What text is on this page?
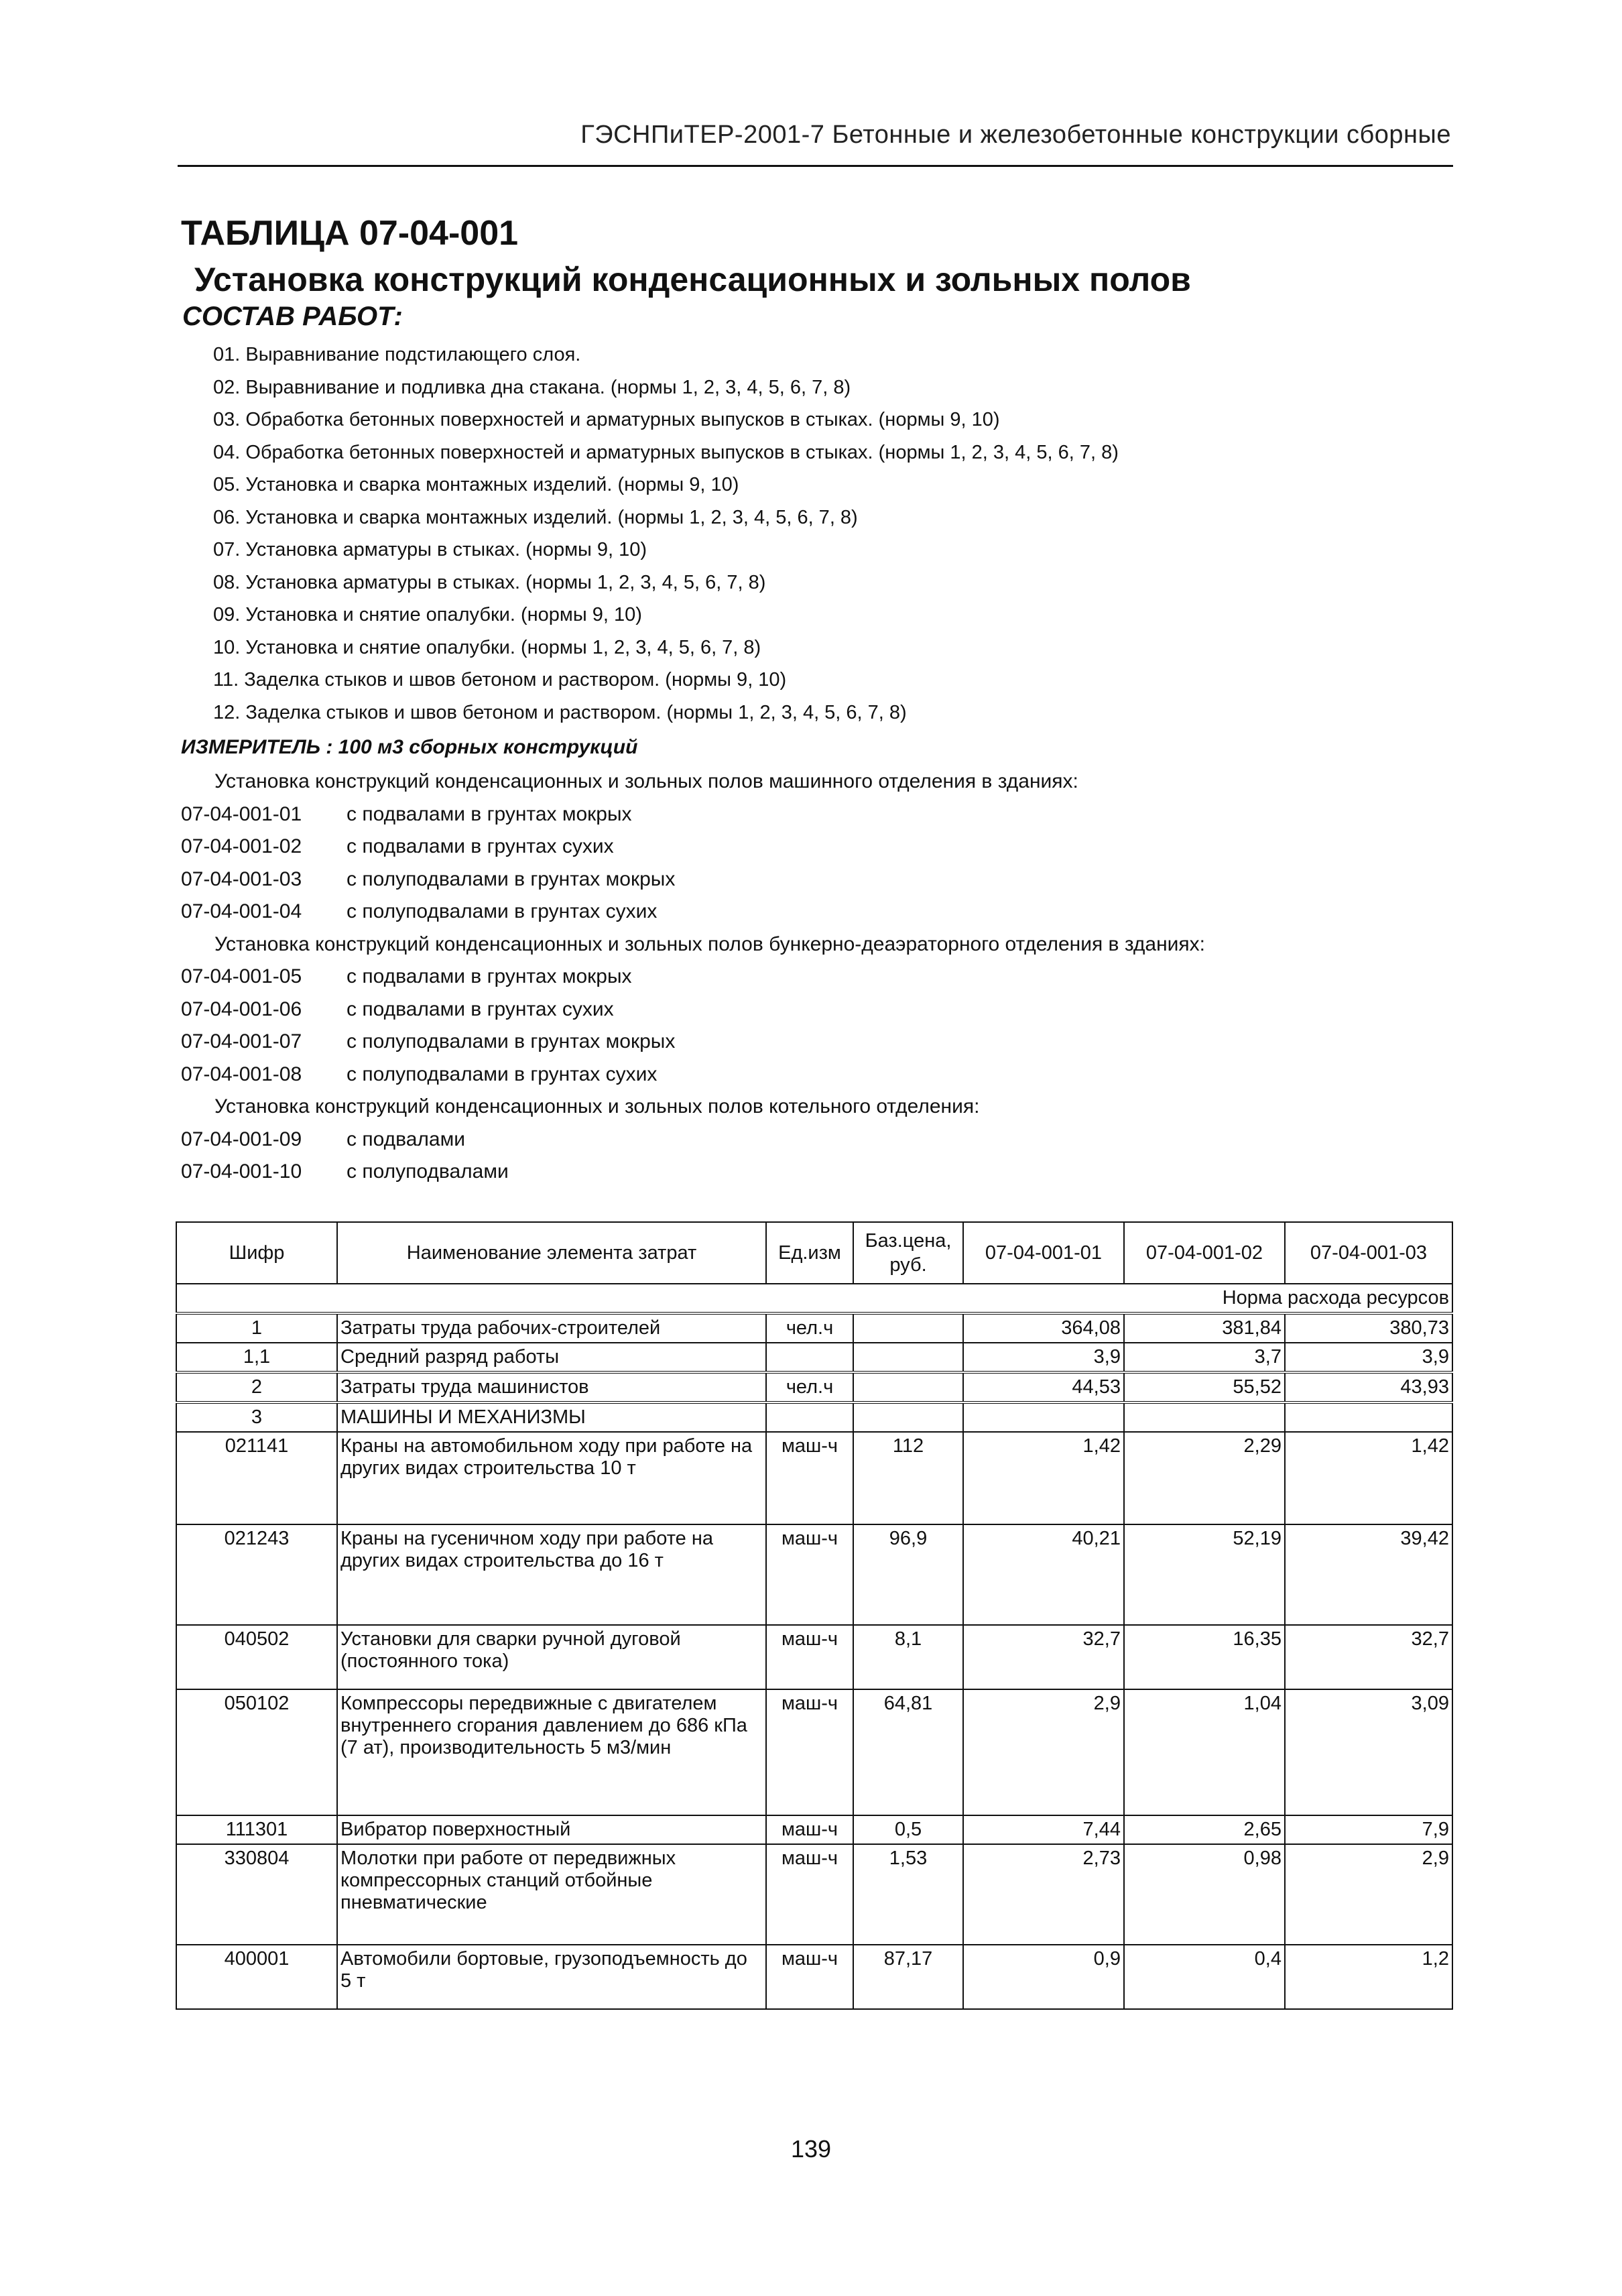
ГЭСНПиТЕР-2001-7 Бетонные и железобетонные конструкции сборные
ТАБЛИЦА 07-04-001
Установка конструкций конденсационных и зольных полов
СОСТАВ РАБОТ:
01. Выравнивание подстилающего слоя.
02. Выравнивание и подливка дна стакана. (нормы 1, 2, 3, 4, 5, 6, 7, 8)
03. Обработка бетонных поверхностей и арматурных выпусков в стыках. (нормы 9, 10)
04. Обработка бетонных поверхностей и арматурных выпусков в стыках. (нормы 1, 2, 3, 4, 5, 6, 7, 8)
05. Установка и сварка монтажных изделий. (нормы 9, 10)
06. Установка и сварка монтажных изделий. (нормы 1, 2, 3, 4, 5, 6, 7, 8)
07. Установка арматуры в стыках. (нормы 9, 10)
08. Установка арматуры в стыках. (нормы 1, 2, 3, 4, 5, 6, 7, 8)
09. Установка и снятие опалубки. (нормы 9, 10)
10. Установка и снятие опалубки. (нормы 1, 2, 3, 4, 5, 6, 7, 8)
11. Заделка стыков и швов бетоном и раствором. (нормы 9, 10)
12. Заделка стыков и швов бетоном и раствором. (нормы 1, 2, 3, 4, 5, 6, 7, 8)
ИЗМЕРИТЕЛЬ : 100 м3 сборных конструкций
Установка конструкций конденсационных и зольных полов машинного отделения в зданиях:
07-04-001-01	с подвалами в грунтах мокрых
07-04-001-02	с подвалами в грунтах сухих
07-04-001-03	с полуподвалами в грунтах мокрых
07-04-001-04	с полуподвалами в грунтах сухих
Установка конструкций конденсационных и зольных полов бункерно-деаэраторного отделения в зданиях:
07-04-001-05	с подвалами в грунтах мокрых
07-04-001-06	с подвалами в грунтах сухих
07-04-001-07	с полуподвалами в грунтах мокрых
07-04-001-08	с полуподвалами в грунтах сухих
Установка конструкций конденсационных и зольных полов котельного отделения:
07-04-001-09	с подвалами
07-04-001-10	с полуподвалами
Шифр	Наименование элемента затрат	Ед.изм	Баз.цена, руб.	07-04-001-01	07-04-001-02	07-04-001-03
Норма расхода ресурсов						
1	Затраты труда рабочих-строителей	чел.ч		364,08	381,84	380,73
1,1	Средний разряд работы			3,9	3,7	3,9
2	Затраты труда машинистов	чел.ч		44,53	55,52	43,93
3	МАШИНЫ И МЕХАНИЗМЫ					
021141	Краны на автомобильном ходу при работе на других видах строительства 10 т	маш-ч	112	1,42	2,29	1,42
021243	Краны на гусеничном ходу при работе на других видах строительства до 16 т	маш-ч	96,9	40,21	52,19	39,42
040502	Установки для сварки ручной дуговой (постоянного тока)	маш-ч	8,1	32,7	16,35	32,7
050102	Компрессоры передвижные с двигателем внутреннего сгорания давлением до 686 кПа (7 ат), производительность 5 м3/мин	маш-ч	64,81	2,9	1,04	3,09
111301	Вибратор поверхностный	маш-ч	0,5	7,44	2,65	7,9
330804	Молотки при работе от передвижных компрессорных станций отбойные пневматические	маш-ч	1,53	2,73	0,98	2,9
400001	Автомобили бортовые, грузоподъемность до 5 т	маш-ч	87,17	0,9	0,4	1,2
139
